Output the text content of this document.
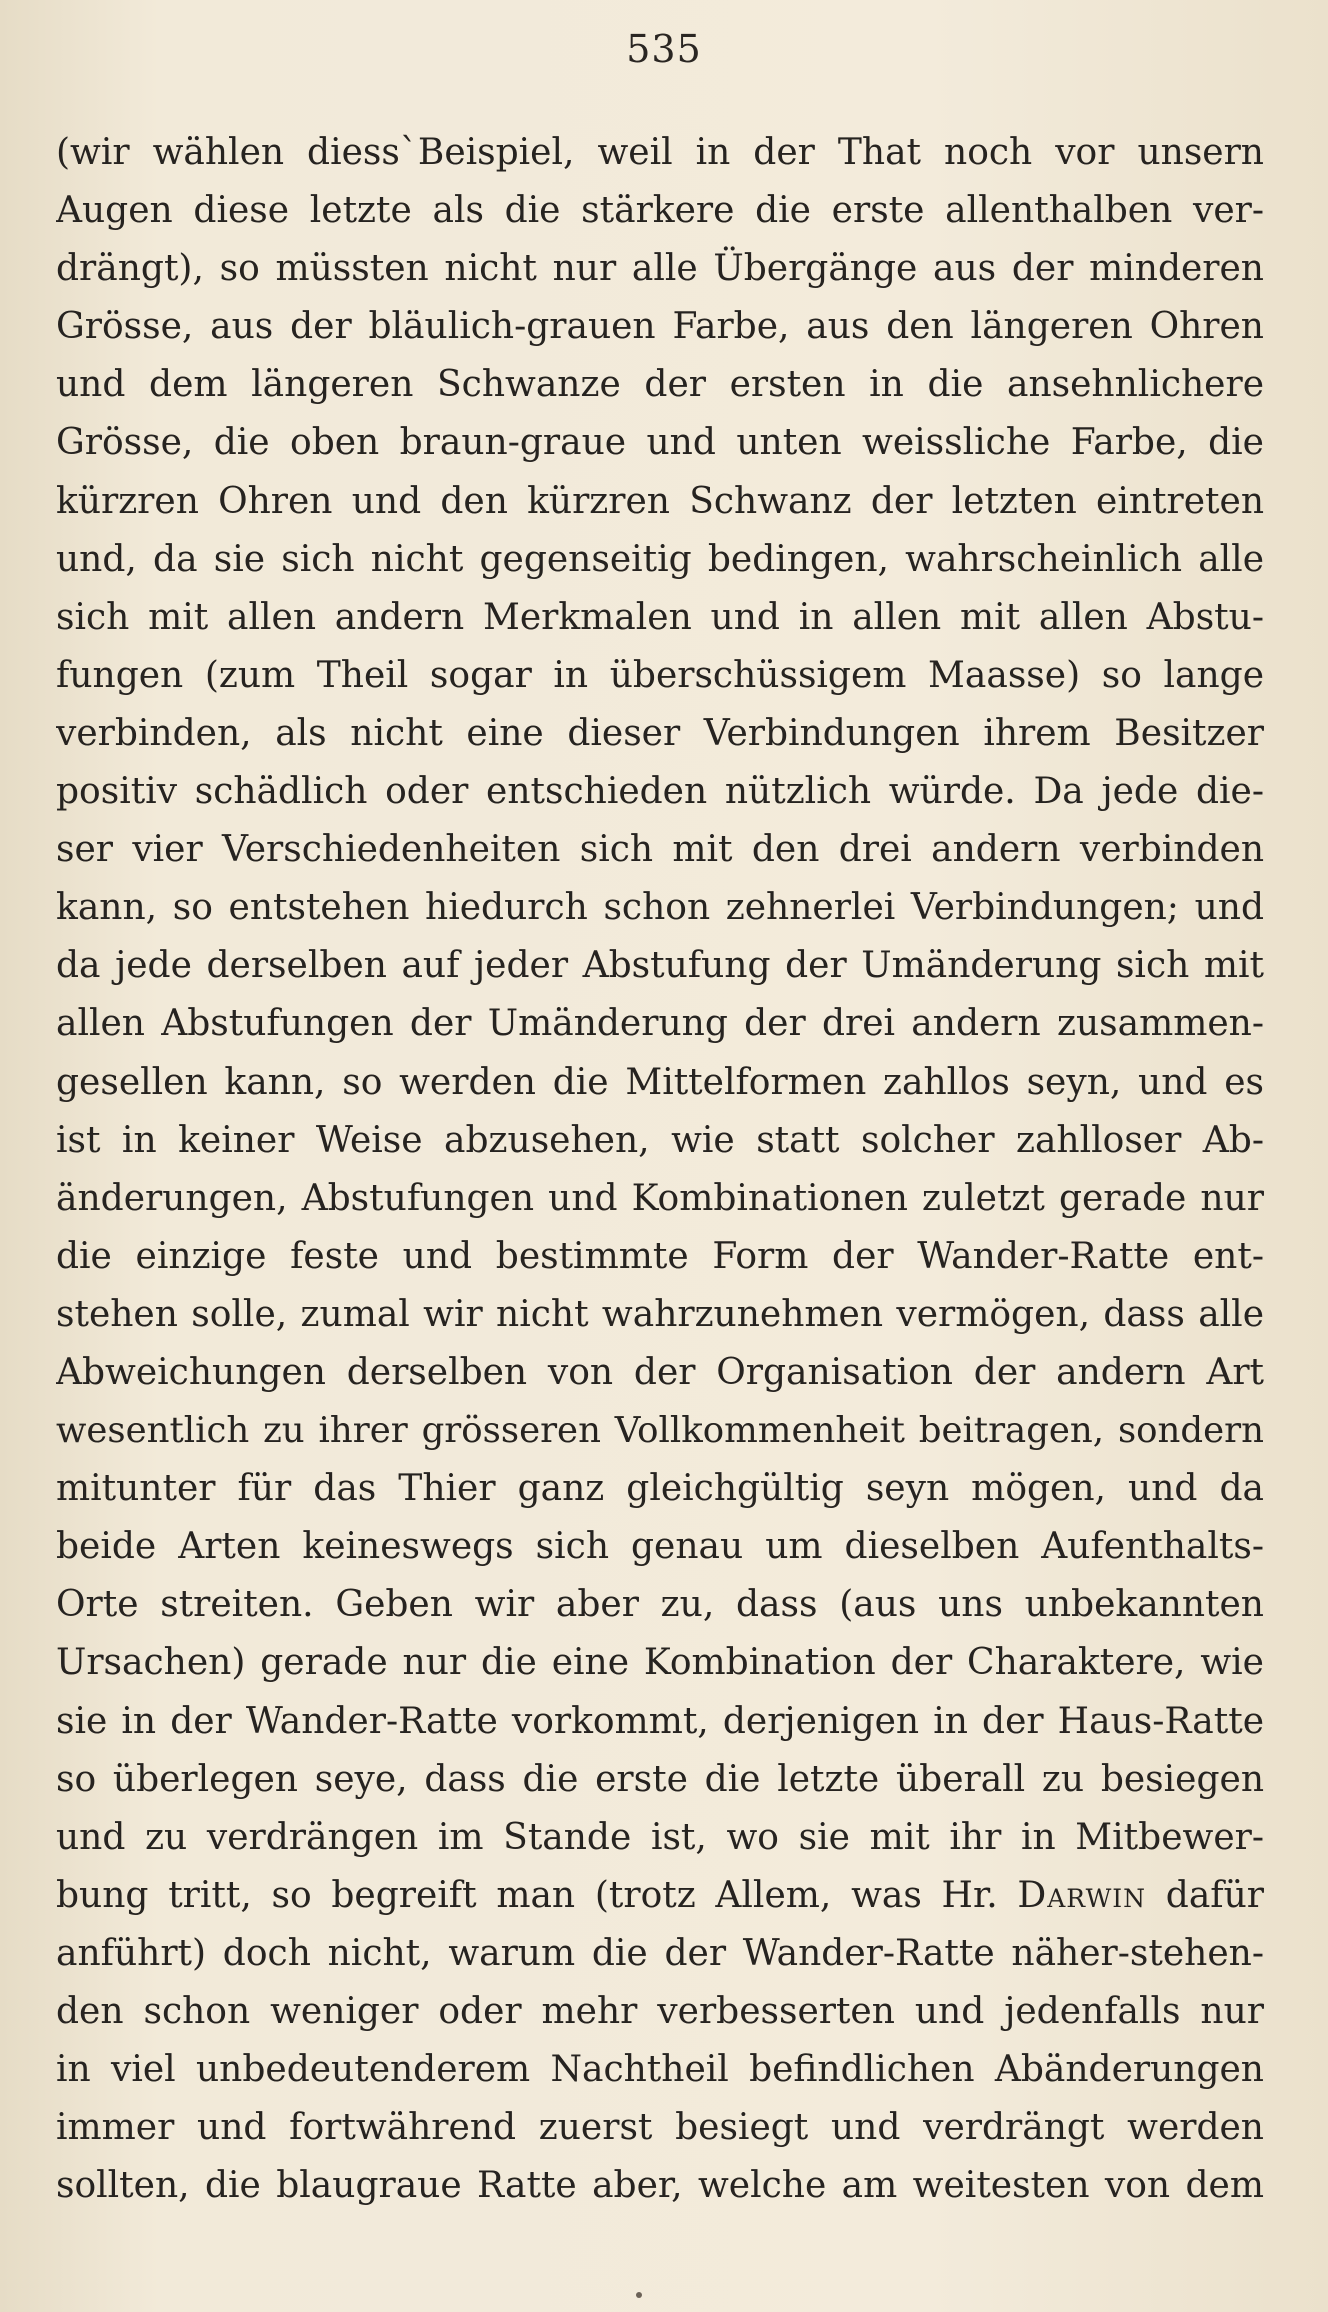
535
(wir wählen diess`Beispiel, weil in der That noch vor unsern
Augen diese letzte als die stärkere die erste allenthalben ver-
drängt), so müssten nicht nur alle Übergänge aus der minderen
Grösse, aus der bläulich-grauen Farbe, aus den längeren Ohren
und dem längeren Schwanze der ersten in die ansehnlichere
Grösse, die oben braun-graue und unten weissliche Farbe, die
kürzren Ohren und den kürzren Schwanz der letzten eintreten
und, da sie sich nicht gegenseitig bedingen, wahrscheinlich alle
sich mit allen andern Merkmalen und in allen mit allen Abstu-
fungen (zum Theil sogar in überschüssigem Maasse) so lange
verbinden, als nicht eine dieser Verbindungen ihrem Besitzer
positiv schädlich oder entschieden nützlich würde. Da jede die-
ser vier Verschiedenheiten sich mit den drei andern verbinden
kann, so entstehen hiedurch schon zehnerlei Verbindungen; und
da jede derselben auf jeder Abstufung der Umänderung sich mit
allen Abstufungen der Umänderung der drei andern zusammen-
gesellen kann, so werden die Mittelformen zahllos seyn, und es
ist in keiner Weise abzusehen, wie statt solcher zahlloser Ab-
änderungen, Abstufungen und Kombinationen zuletzt gerade nur
die einzige feste und bestimmte Form der Wander-Ratte ent-
stehen solle, zumal wir nicht wahrzunehmen vermögen, dass alle
Abweichungen derselben von der Organisation der andern Art
wesentlich zu ihrer grösseren Vollkommenheit beitragen, sondern
mitunter für das Thier ganz gleichgültig seyn mögen, und da
beide Arten keineswegs sich genau um dieselben Aufenthalts-
Orte streiten. Geben wir aber zu, dass (aus uns unbekannten
Ursachen) gerade nur die eine Kombination der Charaktere, wie
sie in der Wander-Ratte vorkommt, derjenigen in der Haus-Ratte
so überlegen seye, dass die erste die letzte überall zu besiegen
und zu verdrängen im Stande ist, wo sie mit ihr in Mitbewer-
bung tritt, so begreift man (trotz Allem, was Hr. Darwin dafür
anführt) doch nicht, warum die der Wander-Ratte näher-stehen-
den schon weniger oder mehr verbesserten und jedenfalls nur
in viel unbedeutenderem Nachtheil befindlichen Abänderungen
immer und fortwährend zuerst besiegt und verdrängt werden
sollten, die blaugraue Ratte aber, welche am weitesten von dem
